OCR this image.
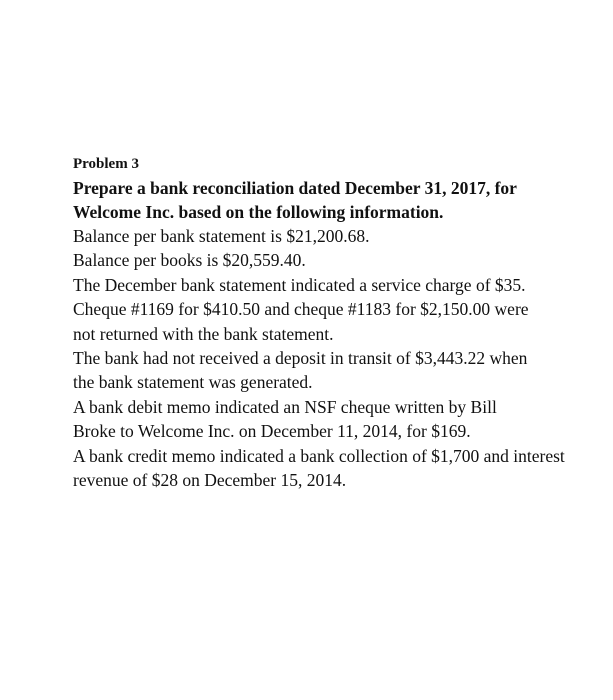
Problem 3

Prepare a bank reconciliation dated December 31, 2017, for Welcome Inc. based on the following information.

Balance per bank statement is $21,200.68.
Balance per books is $20,559.40.
The December bank statement indicated a service charge of $35.
Cheque #1169 for $410.50 and cheque #1183 for $2,150.00 were not returned with the bank statement.
The bank had not received a deposit in transit of $3,443.22 when the bank statement was generated.
A bank debit memo indicated an NSF cheque written by Bill Broke to Welcome Inc. on December 11, 2014, for $169.
A bank credit memo indicated a bank collection of $1,700 and interest revenue of $28 on December 15, 2014.
